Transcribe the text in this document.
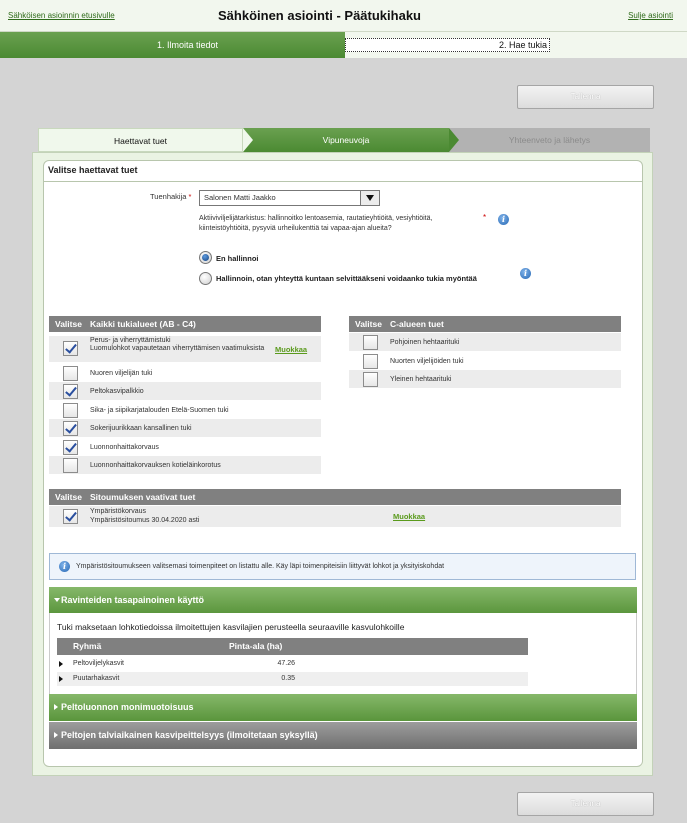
Sähköisen asioinnin etusivulle	Sähköinen asiointi - Päätukihaku	Sulje asiointi
1. Ilmoita tiedot	2. Hae tukia
Tallenna
Haettavat tuet	Vipuneuvoja	Yhteenveto ja lähetys
Valitse haettavat tuet
Tuenhakija *	Salonen Matti Jaakko
Aktiiviviljelijätarkistus: hallinnoitko lentoasemia, rautatieyhtiöitä, vesiyhtiöitä, kiinteistöyhtiöitä, pysyviä urheilukenttiä tai vapaa-ajan alueita?
*	i
En hallinnoi
Hallinnoin, otan yhteyttä kuntaan selvittääkseni voidaanko tukia myöntää
i
Valitse Kaikki tukialueet (AB - C4)
Perus- ja viherryttämistuki
Luomulohkot vapautetaan viherryttämisen vaatimuksista	Muokkaa
Nuoren viljelijän tuki
Peltokasvipalkkio
Sika- ja siipikarjatalouden Etelä-Suomen tuki
Sokerijuurikkaan kansallinen tuki
Luonnonhaittakorvaus
Luonnonhaittakorvauksen kotieläinkorotus
Valitse C-alueen tuet
Pohjoinen hehtaarituki
Nuorten viljelijöiden tuki
Yleinen hehtaarituki
Valitse Sitoumuksen vaativat tuet
Ympäristökorvaus
Ympäristösitoumus 30.04.2020 asti	Muokkaa
i	Ympäristösitoumukseen valitsemasi toimenpiteet on listattu alle. Käy läpi toimenpiteisiin liittyvät lohkot ja yksityiskohdat
Ravinteiden tasapainoinen käyttö
Tuki maksetaan lohkotiedoissa ilmoitettujen kasvilajien perusteella seuraaville kasvulohkoille
Ryhmä	Pinta-ala (ha)
Peltoviljelykasvit	47.26
Puutarhakasvit	0.35
Peltoluonnon monimuotoisuus
Peltojen talviaikainen kasvipeittelsyys (ilmoitetaan syksyllä)
Tallenna
